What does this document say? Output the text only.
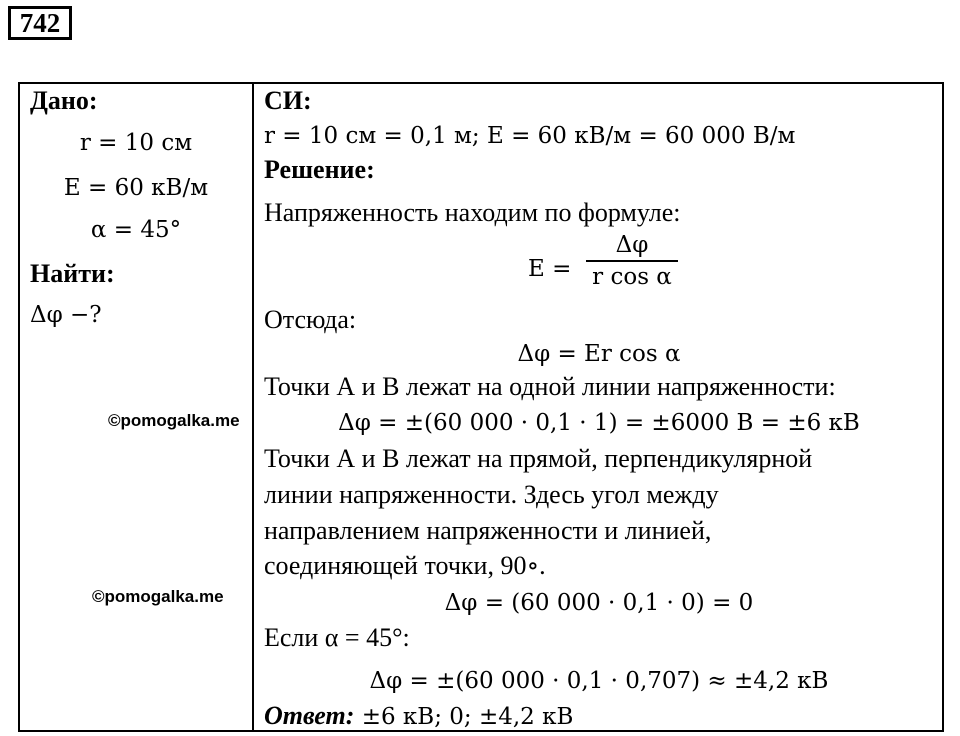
742
Дано:
r = 10 см
E = 60 кВ/м
α = 45°
Найти:
Δφ −?
СИ:
r = 10 см = 0,1 м; E = 60 кВ/м = 60 000 В/м
Решение:
Напряженность находим по формуле:
E =
Δφ
r cos α
Отсюда:
Δφ = Er cos α
Точки А и В лежат на одной линии напряженности:
Δφ = ±(60 000 · 0,1 · 1) = ±6000 В = ±6 кВ
Точки А и В лежат на прямой, перпендикулярной
линии напряженности. Здесь угол между
направлением напряженности и линией,
соединяющей точки, 90∘.
Δφ = (60 000 · 0,1 · 0) = 0
Если α = 45°:
Δφ = ±(60 000 · 0,1 · 0,707) ≈ ±4,2 кВ
Ответ: ±6 кВ; 0; ±4,2 кВ
©pomogalka.me
©pomogalka.me
